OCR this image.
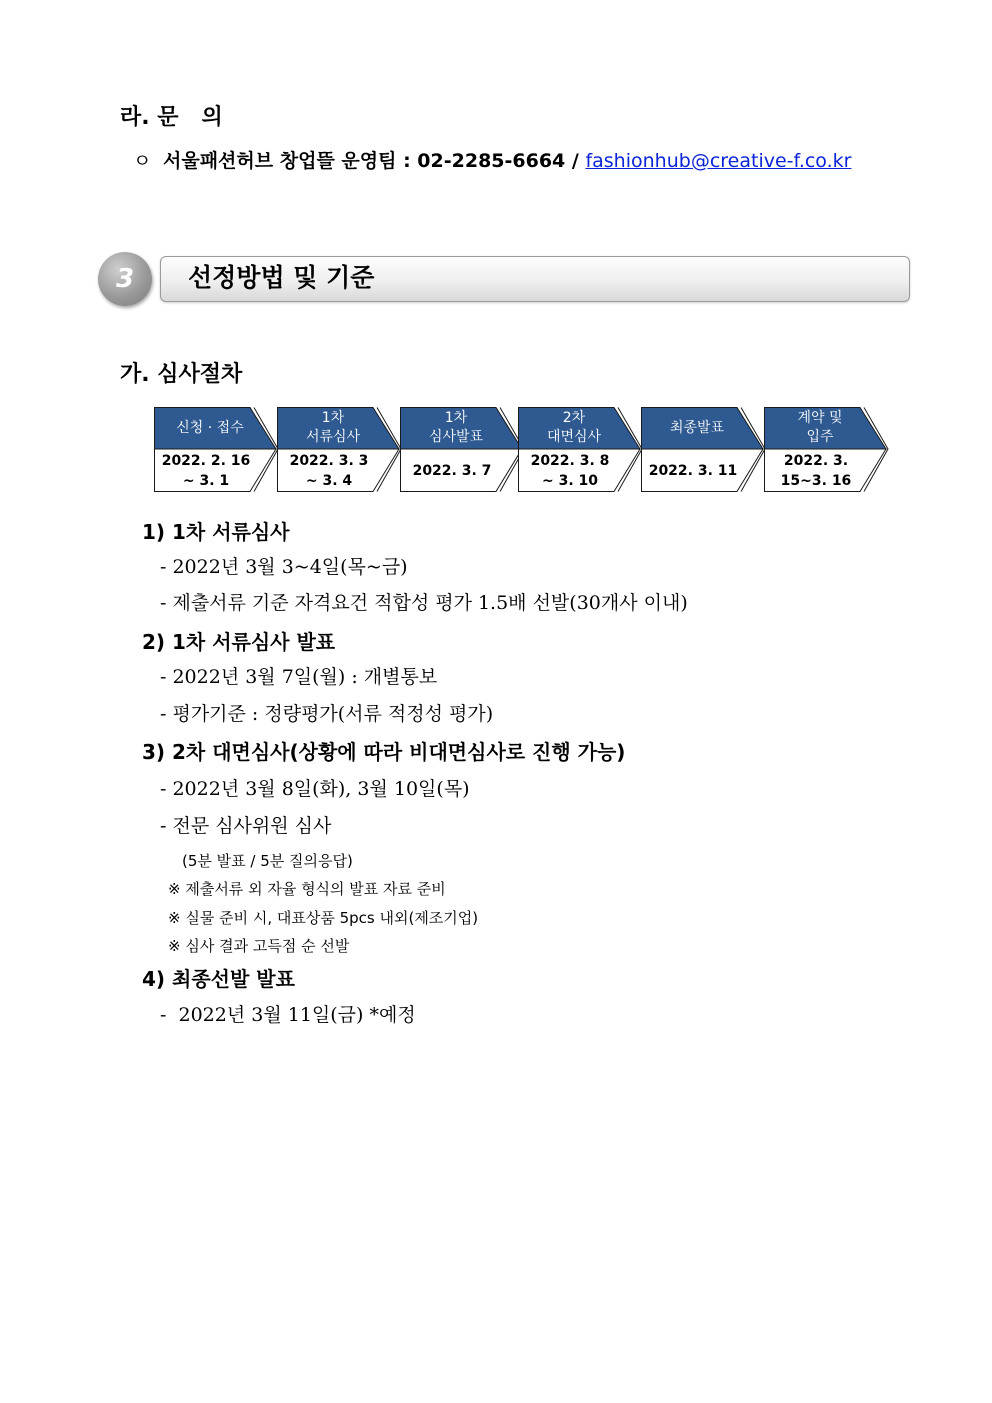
라. 문   의
ㅇ 서울패션허브 창업뜰 운영팀 : 02-2285-6664 / fashionhub@creative-f.co.kr
3	선정방법 및 기준
가. 심사절차
신청 · 접수
2022. 2. 16
~ 3. 1
1차
서류심사
2022. 3. 3
~ 3. 4
1차
심사발표
2022. 3. 7
2차
대면심사
2022. 3. 8
~ 3. 10
최종발표
2022. 3. 11
계약 및
입주
2022. 3.
15~3. 16
1) 1차 서류심사
- 2022년 3월 3~4일(목~금)
- 제출서류 기준 자격요건 적합성 평가 1.5배 선발(30개사 이내)
2) 1차 서류심사 발표
- 2022년 3월 7일(월) : 개별통보
- 평가기준 : 정량평가(서류 적정성 평가)
3) 2차 대면심사(상황에 따라 비대면심사로 진행 가능)
- 2022년 3월 8일(화), 3월 10일(목)
- 전문 심사위원 심사
(5분 발표 / 5분 질의응답)
※ 제출서류 외 자율 형식의 발표 자료 준비
※ 실물 준비 시, 대표상품 5pcs 내외(제조기업)
※ 심사 결과 고득점 순 선발
4) 최종선발 발표
-  2022년 3월 11일(금) *예정
